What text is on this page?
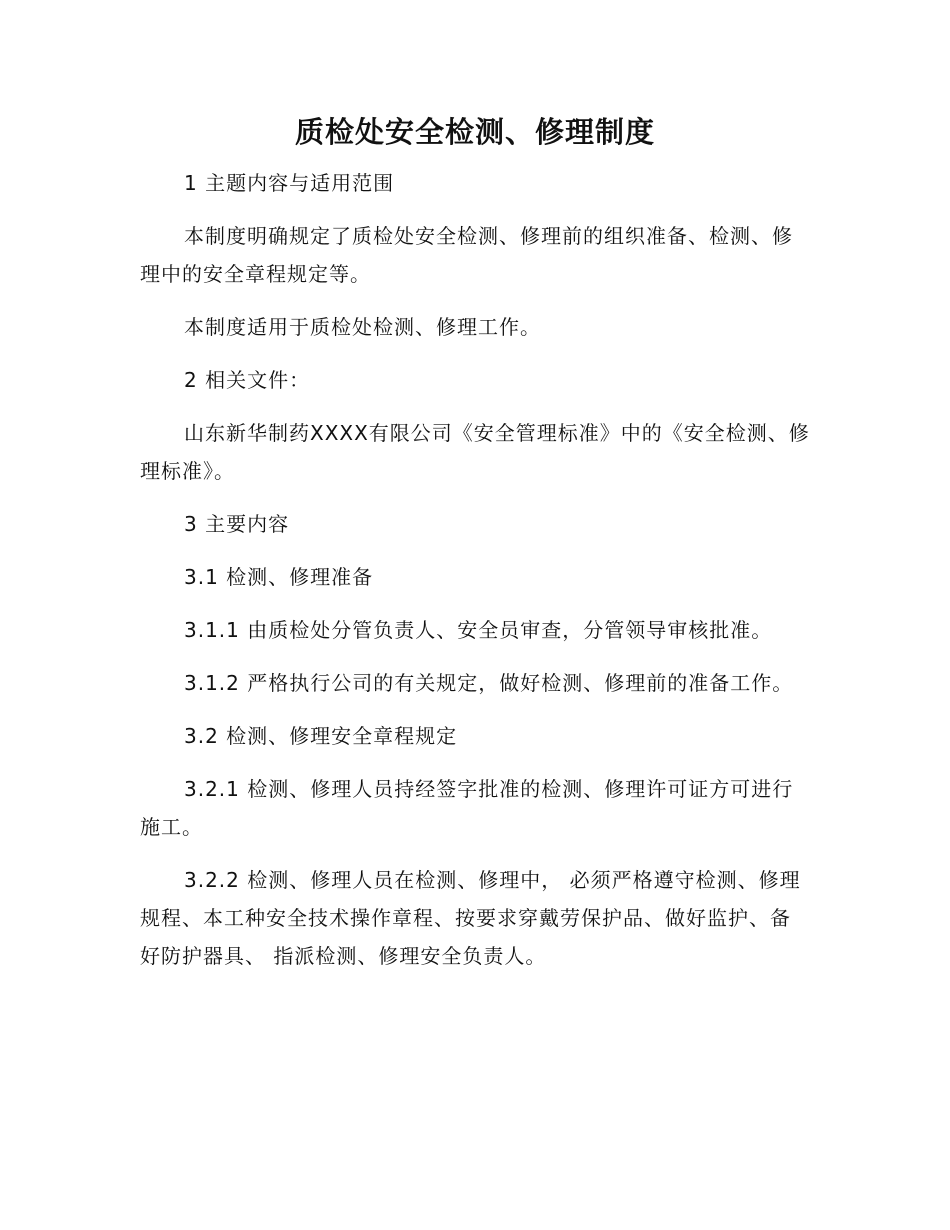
质检处安全检测、修理制度

1 主题内容与适用范围

本制度明确规定了质检处安全检测、修理前的组织准备、检测、修理中的安全章程规定等。

本制度适用于质检处检测、修理工作。

2 相关文件：

山东新华制药XXXX有限公司《安全管理标准》中的《安全检测、修理标准》。

3 主要内容

3.1 检测、修理准备

3.1.1 由质检处分管负责人、安全员审查，分管领导审核批准。

3.1.2 严格执行公司的有关规定，做好检测、修理前的准备工作。

3.2 检测、修理安全章程规定

3.2.1 检测、修理人员持经签字批准的检测、修理许可证方可进行施工。

3.2.2 检测、修理人员在检测、修理中， 必须严格遵守检测、修理规程、本工种安全技术操作章程、按要求穿戴劳保护品、做好监护、备好防护器具、 指派检测、修理安全负责人。
